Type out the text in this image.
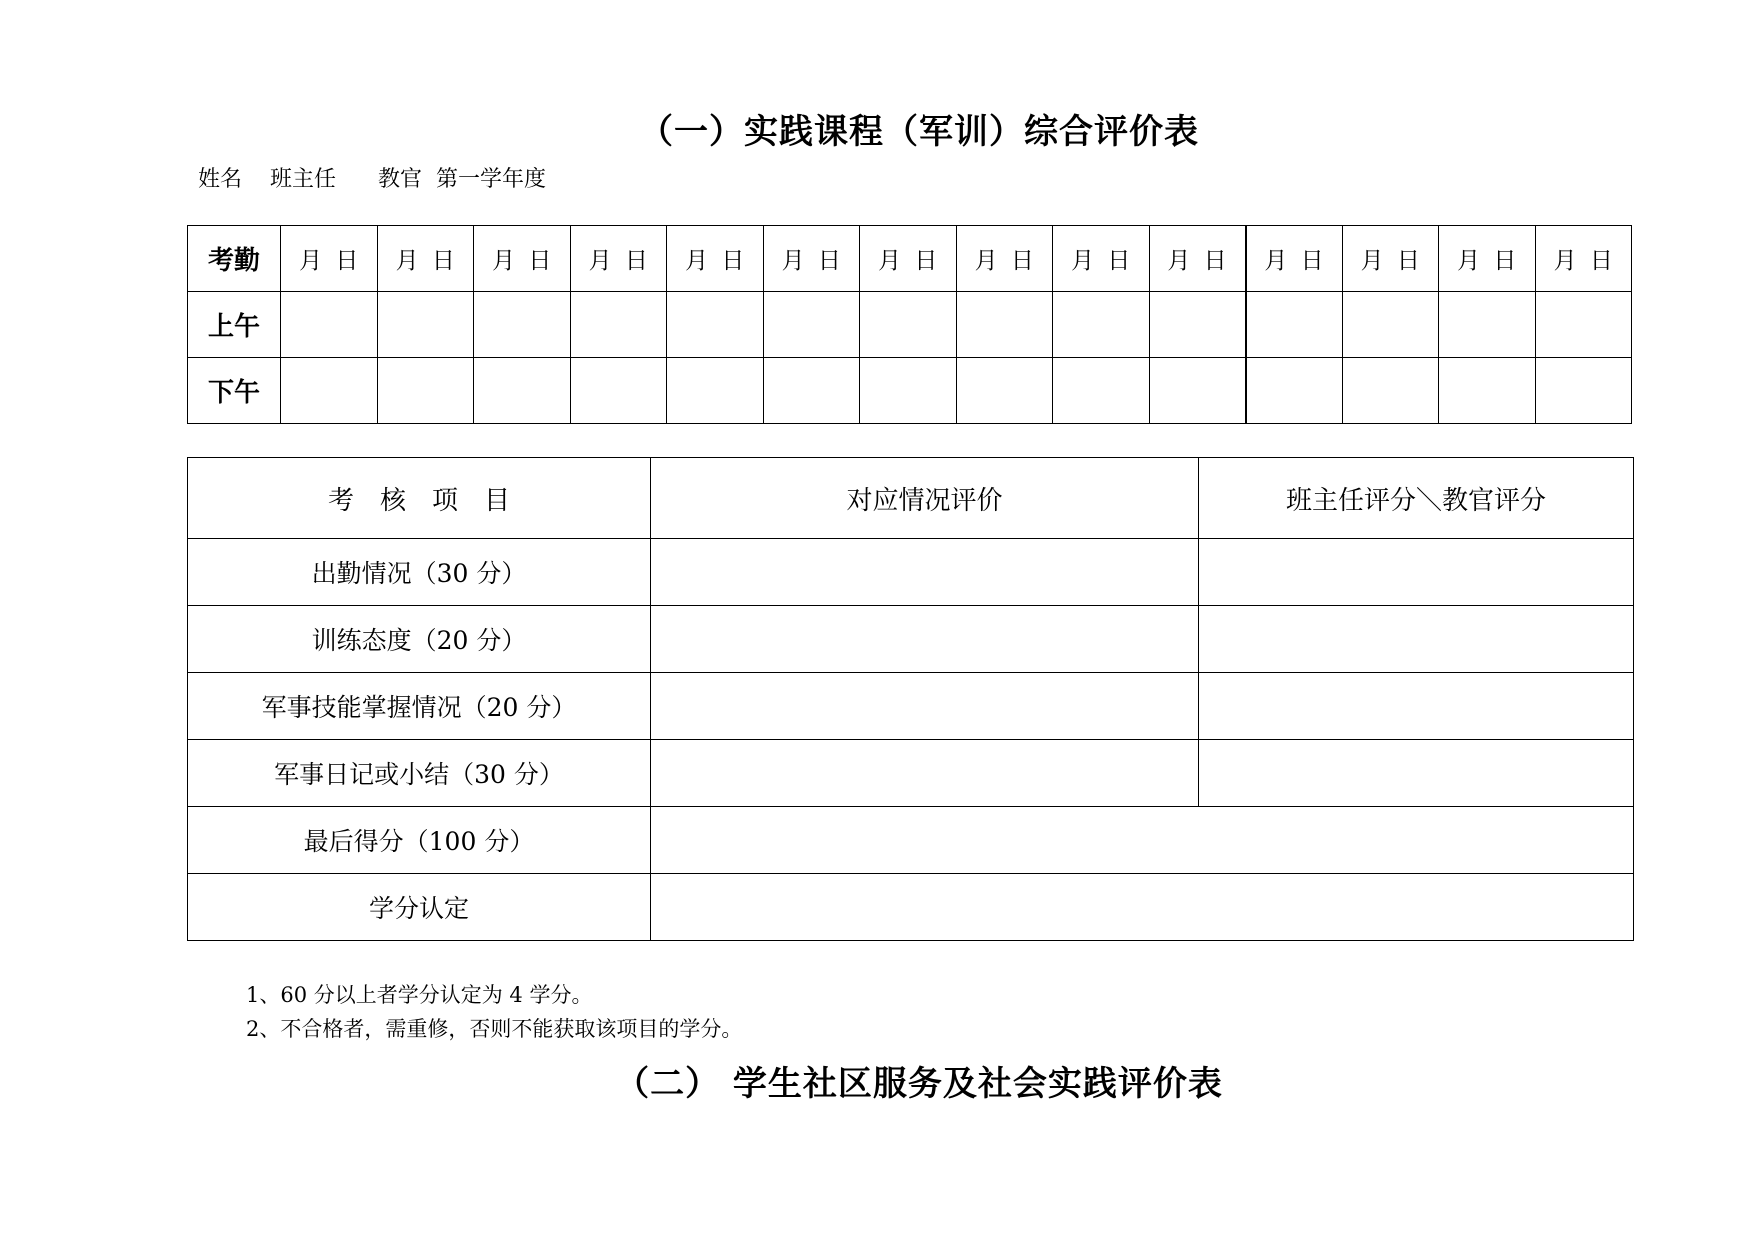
（一）实践课程（军训）综合评价表
姓名 班主任 教官 第一学年度
考勤	月 日	月 日	月 日	月 日	月 日	月 日	月 日	月 日	月 日	月 日	月 日	月 日	月 日	月 日
上午														
下午														
考　核　项　目	对应情况评价	班主任评分＼教官评分
出勤情况（30 分）		
训练态度（20 分）		
军事技能掌握情况（20 分）		
军事日记或小结（30 分）		
最后得分（100 分）		
学分认定		
1、60 分以上者学分认定为 4 学分。
2、不合格者，需重修，否则不能获取该项目的学分。
（二） 学生社区服务及社会实践评价表
